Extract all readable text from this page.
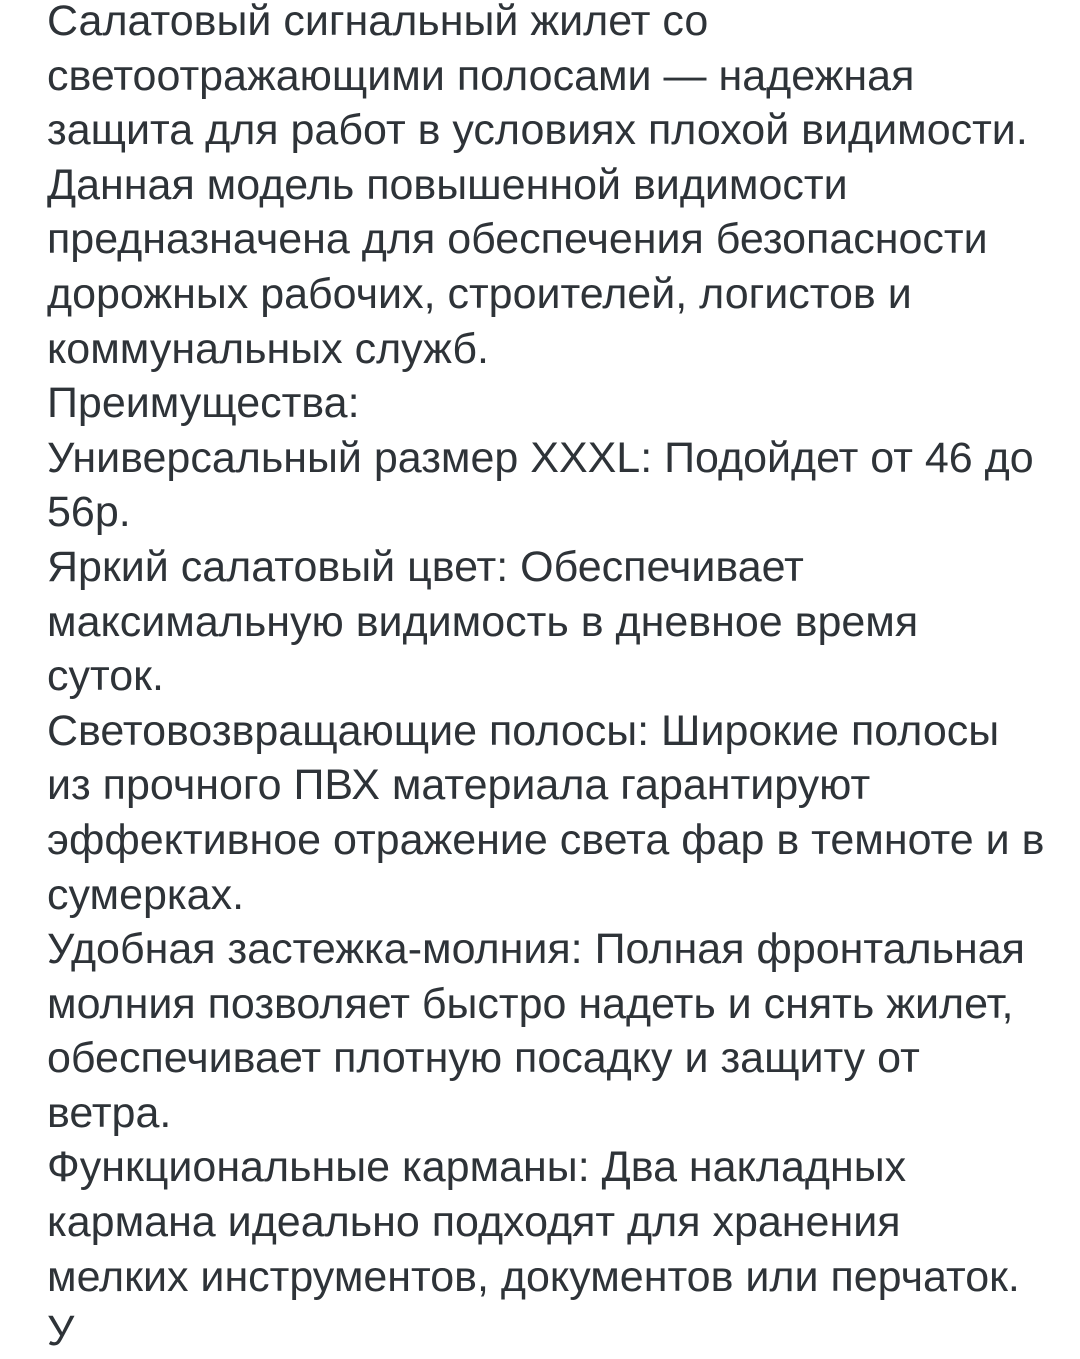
Салатовый сигнальный жилет со
светоотражающими полосами — надежная
защита для работ в условиях плохой видимости.
Данная модель повышенной видимости
предназначена для обеспечения безопасности
дорожных рабочих, строителей, логистов и
коммунальных служб.
Преимущества:
Универсальный размер XXXL: Подойдет от 46 до
56р.
Яркий салатовый цвет: Обеспечивает
максимальную видимость в дневное время
суток.
Световозвращающие полосы: Широкие полосы
из прочного ПВХ материала гарантируют
эффективное отражение света фар в темноте и в
сумерках.
Удобная застежка-молния: Полная фронтальная
молния позволяет быстро надеть и снять жилет,
обеспечивает плотную посадку и защиту от
ветра.
Функциональные карманы: Два накладных
кармана идеально подходят для хранения
мелких инструментов, документов или перчаток.
У
